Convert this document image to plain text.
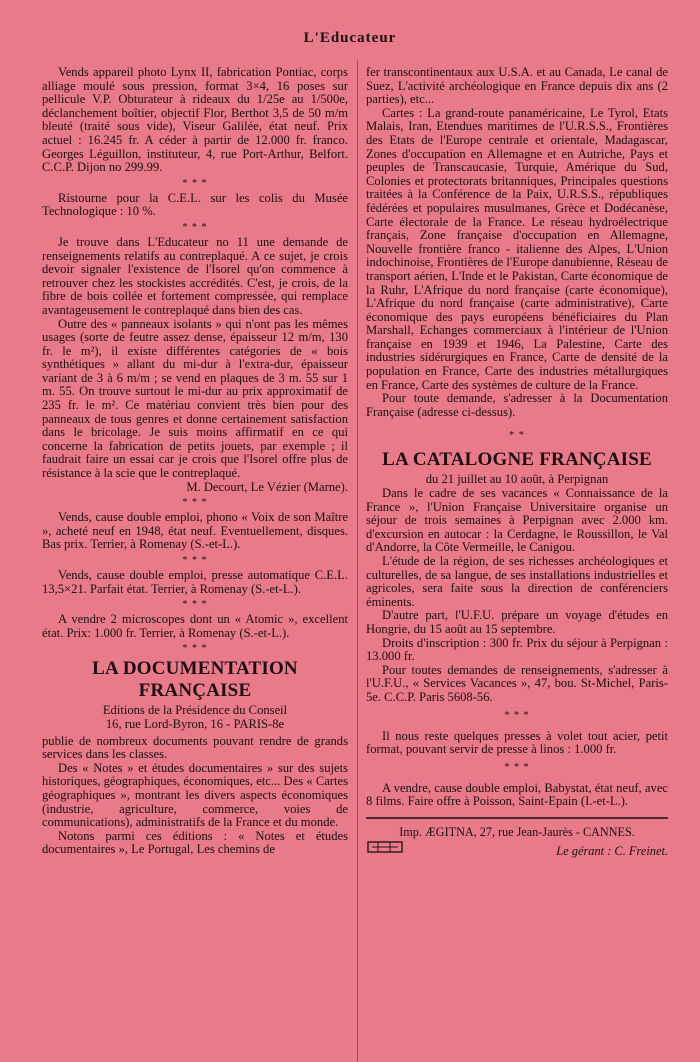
L'Educateur

Vends appareil photo Lynx II, fabrication Pontiac, corps alliage moulé sous pression, format 3×4, 16 poses sur pellicule V.P. Obturateur à rideaux du 1/25e au 1/500e, déclanchement boîtier, objectif Flor, Berthot 3,5 de 50 m/m bleuté (traité sous vide), Viseur Galilée, état neuf. Prix actuel : 16.245 fr. A céder à partir de 12.000 fr. franco. Georges Léguillon, instituteur, 4, rue Port-Arthur, Belfort. C.C.P. Dijon no 299.99.

* * *

Ristourne pour la C.E.L. sur les colis du Musée Technologique : 10 %.

* * *

Je trouve dans L'Educateur no 11 une demande de renseignements relatifs au contreplaqué. A ce sujet, je crois devoir signaler l'existence de l'Isorel qu'on commence à retrouver chez les stockistes accrédités. C'est, je crois, de la fibre de bois collée et fortement compressée, qui remplace avantageusement le contreplaqué dans bien des cas.

Outre des « panneaux isolants » qui n'ont pas les mêmes usages (sorte de feutre assez dense, épaisseur 12 m/m, 130 fr. le m²), il existe différentes catégories de « bois synthétiques » allant du mi-dur à l'extra-dur, épaisseur variant de 3 à 6 m/m ; se vend en plaques de 3 m. 55 sur 1 m. 55. On trouve surtout le mi-dur au prix approximatif de 235 fr. le m². Ce matériau convient très bien pour des panneaux de tous genres et donne certainement satisfaction dans le bricolage. Je suis moins affirmatif en ce qui concerne la fabrication de petits jouets, par exemple ; il faudrait faire un essai car je crois que l'Isorel offre plus de résistance à la scie que le contreplaqué.

M. Decourt, Le Vézier (Marne).

* * *

Vends, cause double emploi, phono « Voix de son Maître », acheté neuf en 1948, état neuf. Eventuellement, disques. Bas prix. Terrier, à Romenay (S.-et-L.).

* * *

Vends, cause double emploi, presse automatique C.E.L. 13,5×21. Parfait état. Terrier, à Romenay (S.-et-L.).

* * *

A vendre 2 microscopes dont un « Atomic », excellent état. Prix: 1.000 fr. Terrier, à Romenay (S.-et-L.).

* * *
LA DOCUMENTATION FRANÇAISE

Editions de la Présidence du Conseil

16, rue Lord-Byron, 16 - PARIS-8e

publie de nombreux documents pouvant rendre de grands services dans les classes.

Des « Notes » et études documentaires » sur des sujets historiques, géographiques, économiques, etc... Des « Cartes géographiques », montrant les divers aspects économiques (industrie, agriculture, commerce, voies de communications), administratifs de la France et du monde.

Notons parmi ces éditions : « Notes et études documentaires », Le Portugal, Les chemins de

fer transcontinentaux aux U.S.A. et au Canada, Le canal de Suez, L'activité archéologique en France depuis dix ans (2 parties), etc...

Cartes : La grand-route panaméricaine, Le Tyrol, Etats Malais, Iran, Etendues maritimes de l'U.R.S.S., Frontières des Etats de l'Europe centrale et orientale, Madagascar, Zones d'occupation en Allemagne et en Autriche, Pays et peuples de Transcaucasie, Turquie, Amérique du Sud, Colonies et protectorats britanniques, Principales questions traitées à la Conférence de la Paix, U.R.S.S., républiques fédérées et populaires musulmanes, Grèce et Dodécanèse, Carte électorale de la France. Le réseau hydroélectrique français, Zone française d'occupation en Allemagne, Nouvelle frontière franco - italienne des Alpes, L'Union indochinoise, Frontières de l'Europe danubienne, Réseau de transport aérien, L'Inde et le Pakistan, Carte économique de la Ruhr, L'Afrique du nord française (carte économique), L'Afrique du nord française (carte administrative), Carte économique des pays européens bénéficiaires du Plan Marshall, Echanges commerciaux à l'intérieur de l'Union française en 1939 et 1946, La Palestine, Carte des industries sidérurgiques en France, Carte de densité de la population en France, Carte des industries métallurgiques en France, Carte des systèmes de culture de la France.

Pour toute demande, s'adresser à la Documentation Française (adresse ci-dessus).

* *
LA CATALOGNE FRANÇAISE

du 21 juillet au 10 août, à Perpignan

Dans le cadre de ses vacances « Connaissance de la France », l'Union Française Universitaire organise un séjour de trois semaines à Perpignan avec 2.000 km. d'excursion en autocar : la Cerdagne, le Roussillon, le Val d'Andorre, la Côte Vermeille, le Canigou.

L'étude de la région, de ses richesses archéologiques et culturelles, de sa langue, de ses installations industrielles et agricoles, sera faite sous la direction de conférenciers éminents.

D'autre part, l'U.F.U. prépare un voyage d'études en Hongrie, du 15 août au 15 septembre.

Droits d'inscription : 300 fr. Prix du séjour à Perpignan : 13.000 fr.

Pour toutes demandes de renseignements, s'adresser à l'U.F.U., « Services Vacances », 47, bou. St-Michel, Paris-5e. C.C.P. Paris 5608-56.

* * *

Il nous reste quelques presses à volet tout acier, petit format, pouvant servir de presse à linos : 1.000 fr.

* * *

A vendre, cause double emploi, Babystat, état neuf, avec 8 films. Faire offre à Poisson, Saint-Epain (I.-et-L.).

Imp. ÆGITNA, 27, rue Jean-Jaurès - CANNES.
Le gérant : C. Freinet.
